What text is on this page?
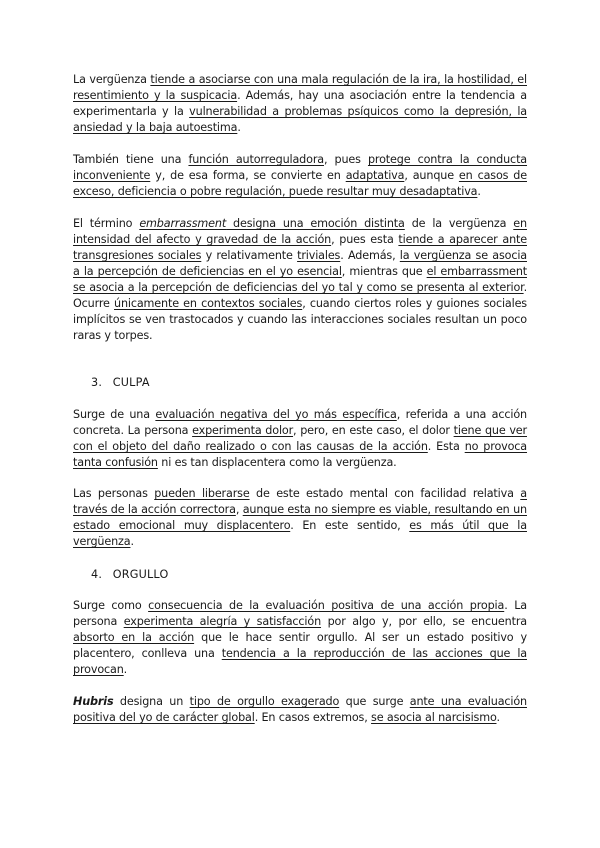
La vergüenza tiende a asociarse con una mala regulación de la ira, la hostilidad, el resentimiento y la suspicacia. Además, hay una asociación entre la tendencia a experimentarla y la vulnerabilidad a problemas psíquicos como la depresión, la ansiedad y la baja autoestima.

También tiene una función autorreguladora, pues protege contra la conducta inconveniente y, de esa forma, se convierte en adaptativa, aunque en casos de exceso, deficiencia o pobre regulación, puede resultar muy desadaptativa.

El término embarrassment designa una emoción distinta de la vergüenza en intensidad del afecto y gravedad de la acción, pues esta tiende a aparecer ante transgresiones sociales y relativamente triviales. Además, la vergüenza se asocia a la percepción de deficiencias en el yo esencial, mientras que el embarrassment se asocia a la percepción de deficiencias del yo tal y como se presenta al exterior. Ocurre únicamente en contextos sociales, cuando ciertos roles y guiones sociales implícitos se ven trastocados y cuando las interacciones sociales resultan un poco raras y torpes.

3. CULPA

Surge de una evaluación negativa del yo más específica, referida a una acción concreta. La persona experimenta dolor, pero, en este caso, el dolor tiene que ver con el objeto del daño realizado o con las causas de la acción. Esta no provoca tanta confusión ni es tan displacentera como la vergüenza.

Las personas pueden liberarse de este estado mental con facilidad relativa a través de la acción correctora, aunque esta no siempre es viable, resultando en un estado emocional muy displacentero. En este sentido, es más útil que la vergüenza.

4. ORGULLO

Surge como consecuencia de la evaluación positiva de una acción propia. La persona experimenta alegría y satisfacción por algo y, por ello, se encuentra absorto en la acción que le hace sentir orgullo. Al ser un estado positivo y placentero, conlleva una tendencia a la reproducción de las acciones que la provocan.

Hubris designa un tipo de orgullo exagerado que surge ante una evaluación positiva del yo de carácter global. En casos extremos, se asocia al narcisismo.
